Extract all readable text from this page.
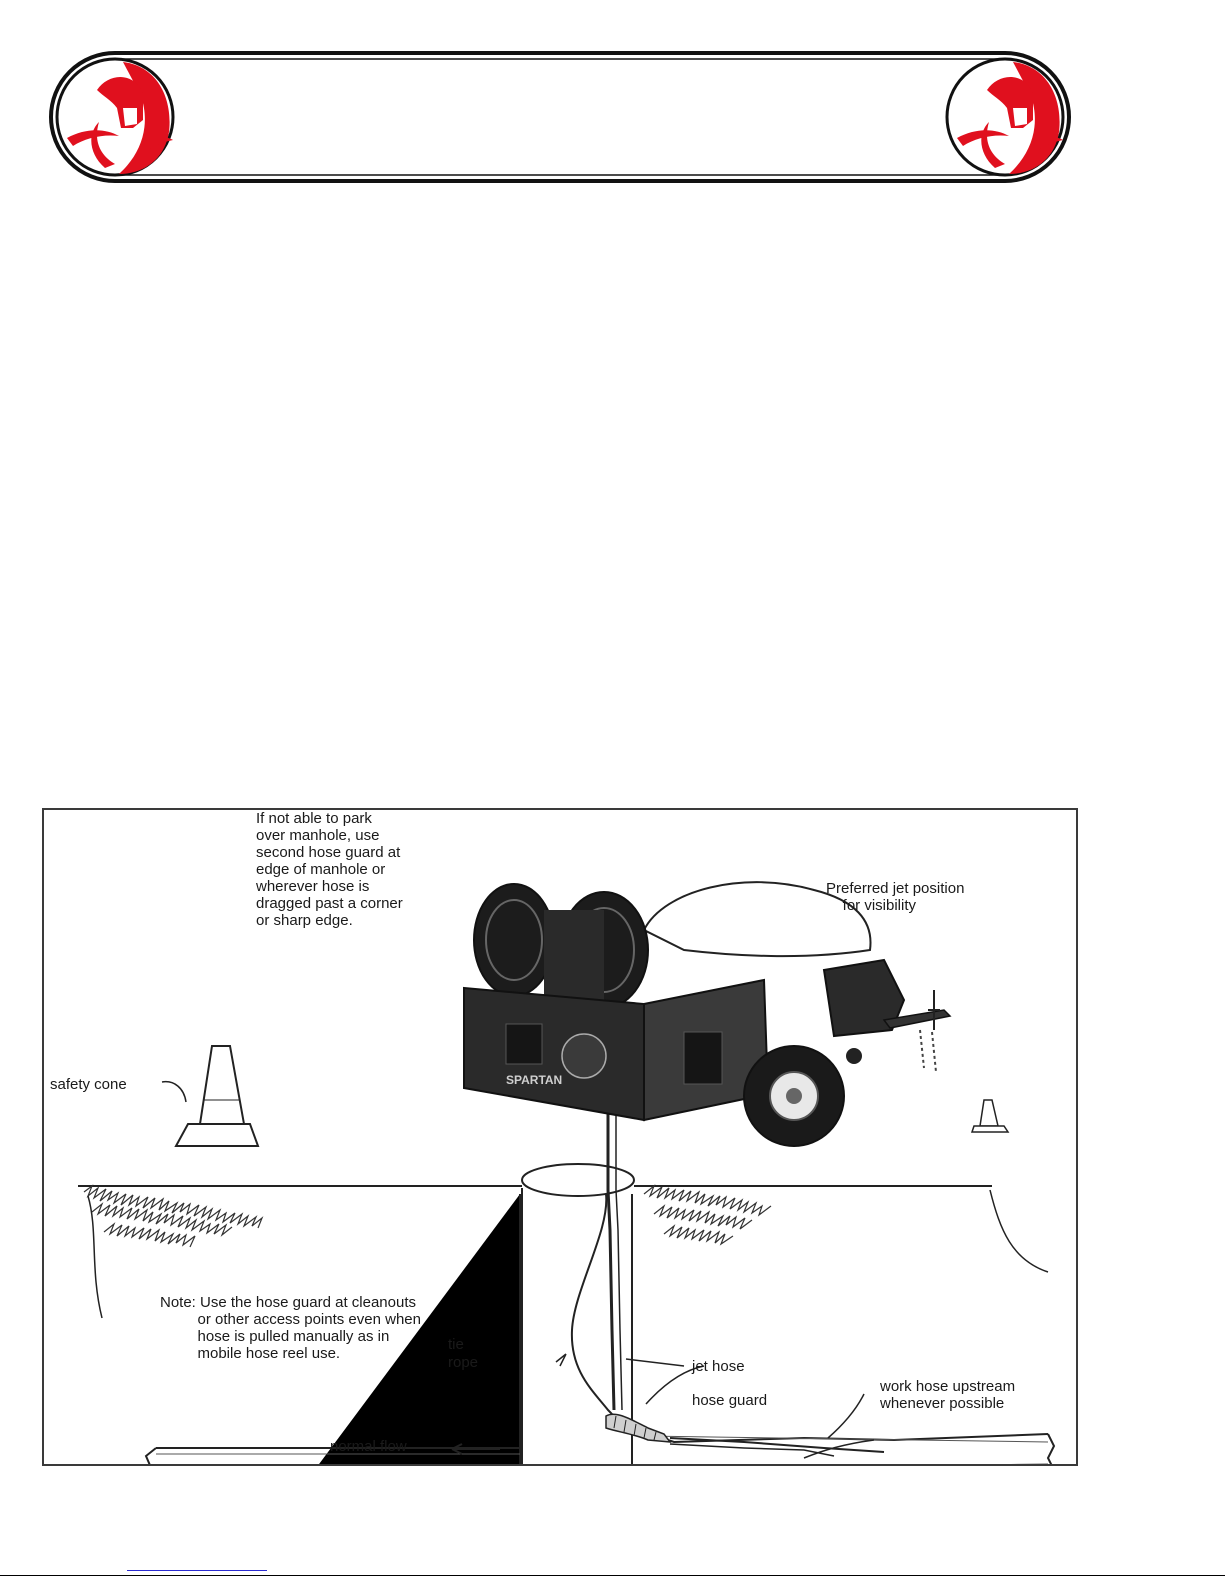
If not able to park
over manhole, use
second hose guard at
edge of manhole or
wherever hose is
dragged past a corner
or sharp edge.
Preferred jet position
for visibility
safety cone	SPARTAN
Note: Use the hose guard at cleanouts
or other access points even when
hose is pulled manually as in
mobile hose reel use.
tie
rope	jet hose
hose guard
work hose upstream
whenever possible
normal flow
